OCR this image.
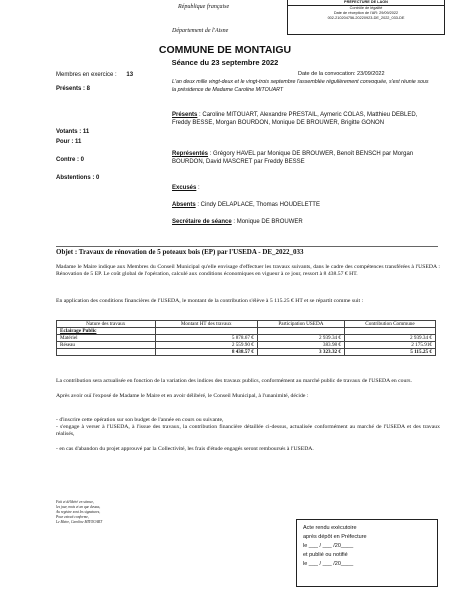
République française
Département de l'Aisne
PRÉFECTURE DE LAON
Contrôle de légalité
Date de réception de l'AR: 29/09/2022
002-210204756-20220923-DE_2022_033-DE
COMMUNE DE MONTAIGU
Séance du 23 septembre 2022
Membres en exercice : 13
Présents : 8
Votants : 11
Pour : 11
Contre : 0
Abstentions : 0
Date de la convocation: 23/09/2022
L'an deux mille vingt-deux et le vingt-trois septembre l'assemblée régulièrement convoquée, s'est réunie sous la présidence de Madame Caroline MITOUART
Présents : Caroline MITOUART, Alexandre PRESTAIL, Aymeric COLAS, Matthieu DEBLED, Freddy BESSE, Morgan BOURDON, Monique DE BROUWER, Brigitte GONON
Représentés : Grégory HAVEL par Monique DE BROUWER, Benoît BENSCH par Morgan BOURDON, David MASCRET par Freddy BESSE
Excusés :
Absents : Cindy DELAPLACE, Thomas HOUDELETTE
Secrétaire de séance : Monique DE BROUWER
Objet : Travaux de rénovation de 5 poteaux bois (EP) par l'USEDA - DE_2022_033
Madame le Maire indique aux Membres du Conseil Municipal qu'elle envisage d'effectuer les travaux suivants, dans le cadre des compétences transférées à l'USEDA : Rénovation de 5 EP. Le coût global de l'opération, calculé aux conditions économiques en vigueur à ce jour, ressort à 8 438.57 € HT.
En application des conditions financières de l'USEDA, le montant de la contribution s'élève à 5 115.25 € HT et se répartit comme suit :
Nature des travaux	Montant HT des travaux	Participation USEDA	Contribution Commune
Eclairage Public			
Matériel	5 878.67 €	2 939.34 €	2 939.34 €
Réseau	2 559.90 €	383.98 €	2 175.91€
	8 438.57 €	3 323.32 €	5 115.25 €
La contribution sera actualisée en fonction de la variation des indices des travaux publics, conformément au marché public de travaux de l'USEDA en cours.
Après avoir ouï l'exposé de Madame le Maire et en avoir délibéré, le Conseil Municipal, à l'unanimité, décide :
- d'inscrire cette opération sur son budget de l'année en cours ou suivante,
- s'engage à verser à l'USEDA, à l'issue des travaux, la contribution financière détaillée ci-dessus, actualisée conformément au marché de l'USEDA et des travaux réalisés,
- en cas d'abandon du projet approuvé par la Collectivité, les frais d'étude engagés seront remboursés à l'USEDA.
Fait et délibéré en séance,
les jour, mois et an que dessus,
Au registre sont les signatures,
Pour extrait conforme,
Le Maire, Caroline MITOUART
Acte rendu exécutoire
après dépôt en Préfecture
le ___ / ___ /20____
et publié ou notifié
le ___ / ___ /20____
